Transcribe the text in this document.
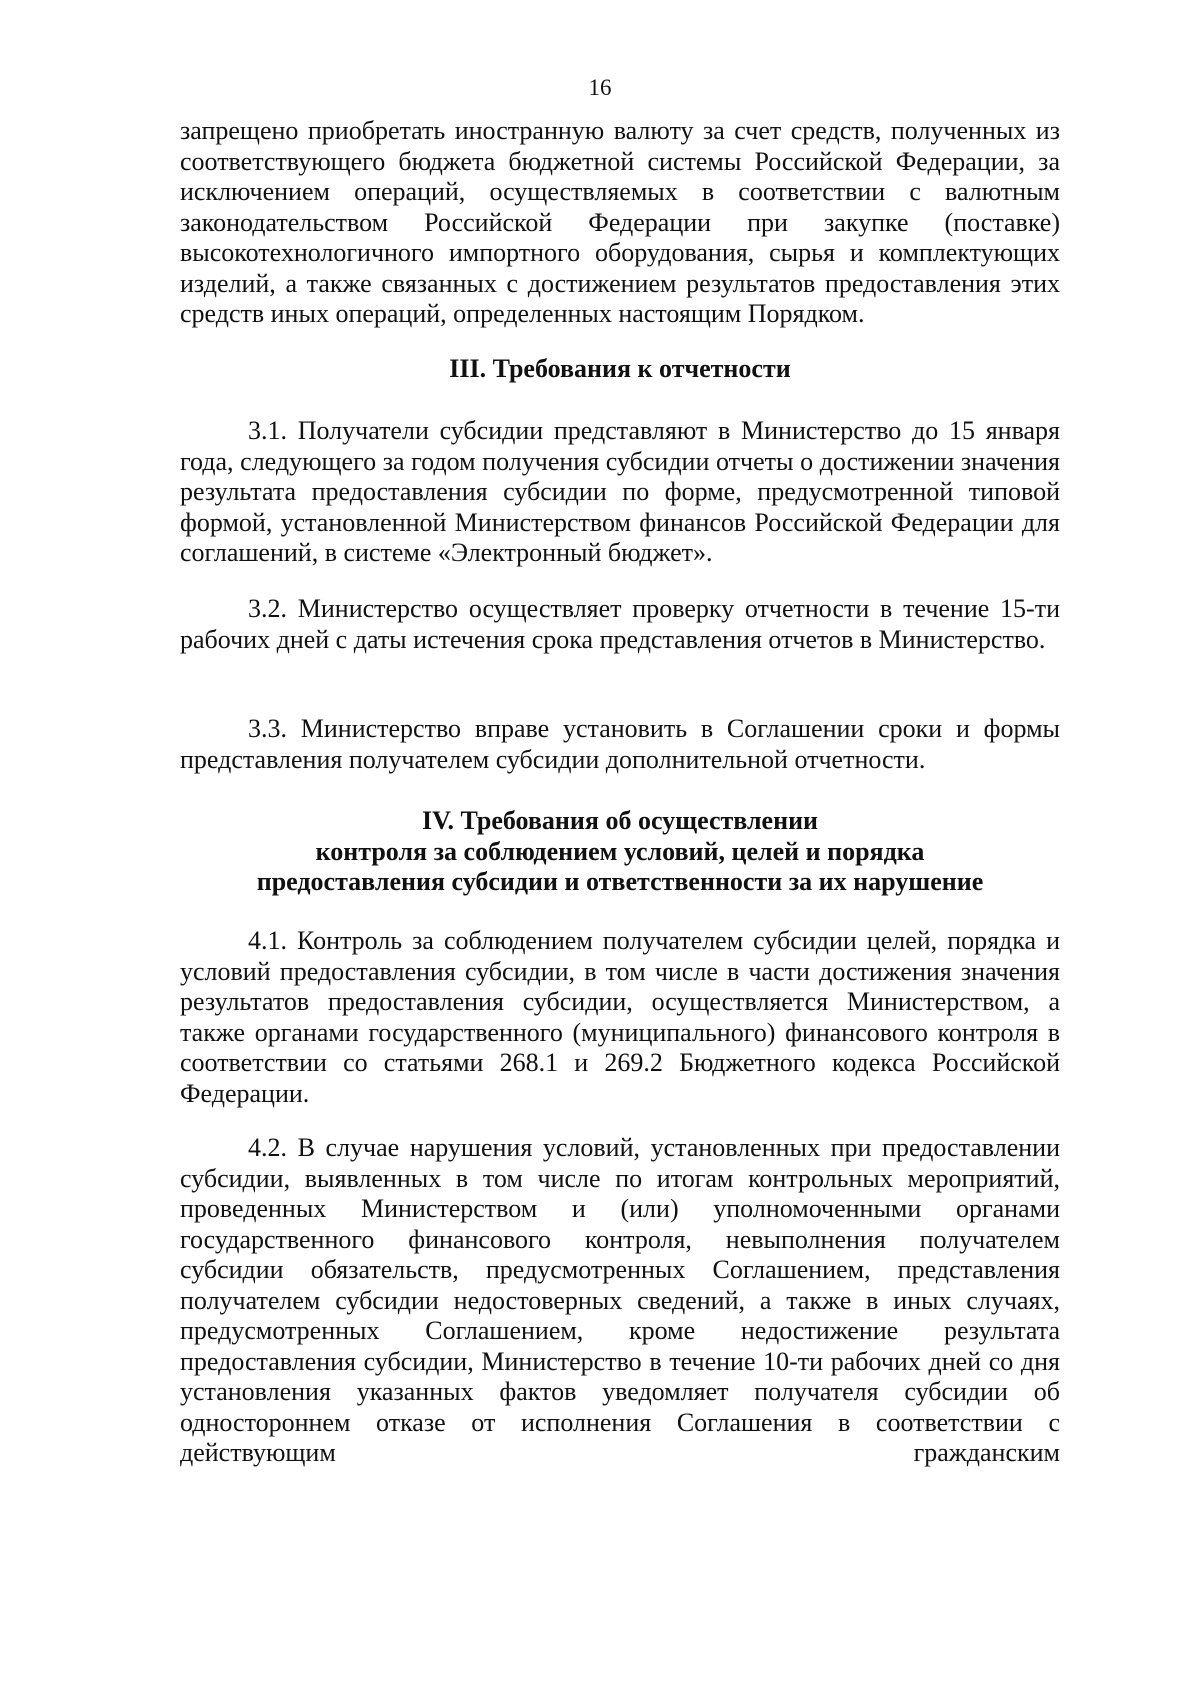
16

запрещено приобретать иностранную валюту за счет средств, полученных из соответствующего бюджета бюджетной системы Российской Федерации, за исключением операций, осуществляемых в соответствии с валютным законодательством Российской Федерации при закупке (поставке) высокотехнологичного импортного оборудования, сырья и комплектующих изделий, а также связанных с достижением результатов предоставления этих средств иных операций, определенных настоящим Порядком.

III. Требования к отчетности

3.1. Получатели субсидии представляют в Министерство до 15 января года, следующего за годом получения субсидии отчеты о достижении значения результата предоставления субсидии по форме, предусмотренной типовой формой, установленной Министерством финансов Российской Федерации для соглашений, в системе «Электронный бюджет».

3.2. Министерство осуществляет проверку отчетности в течение 15-ти рабочих дней с даты истечения срока представления отчетов в Министерство.

3.3. Министерство вправе установить в Соглашении сроки и формы представления получателем субсидии дополнительной отчетности.

IV. Требования об осуществлении

контроля за соблюдением условий, целей и порядка

предоставления субсидии и ответственности за их нарушение

4.1. Контроль за соблюдением получателем субсидии целей, порядка и условий предоставления субсидии, в том числе в части достижения значения результатов предоставления субсидии, осуществляется Министерством, а также органами государственного (муниципального) финансового контроля в соответствии со статьями 268.1 и 269.2 Бюджетного кодекса Российской Федерации.

4.2. В случае нарушения условий, установленных при предоставлении субсидии, выявленных в том числе по итогам контрольных мероприятий, проведенных Министерством и (или) уполномоченными органами государственного финансового контроля, невыполнения получателем субсидии обязательств, предусмотренных Соглашением, представления получателем субсидии недостоверных сведений, а также в иных случаях, предусмотренных Соглашением, кроме недостижение результата предоставления субсидии, Министерство в течение 10-ти рабочих дней со дня установления указанных фактов уведомляет получателя субсидии об одностороннем отказе от исполнения Соглашения в соответствии с действующим гражданским
